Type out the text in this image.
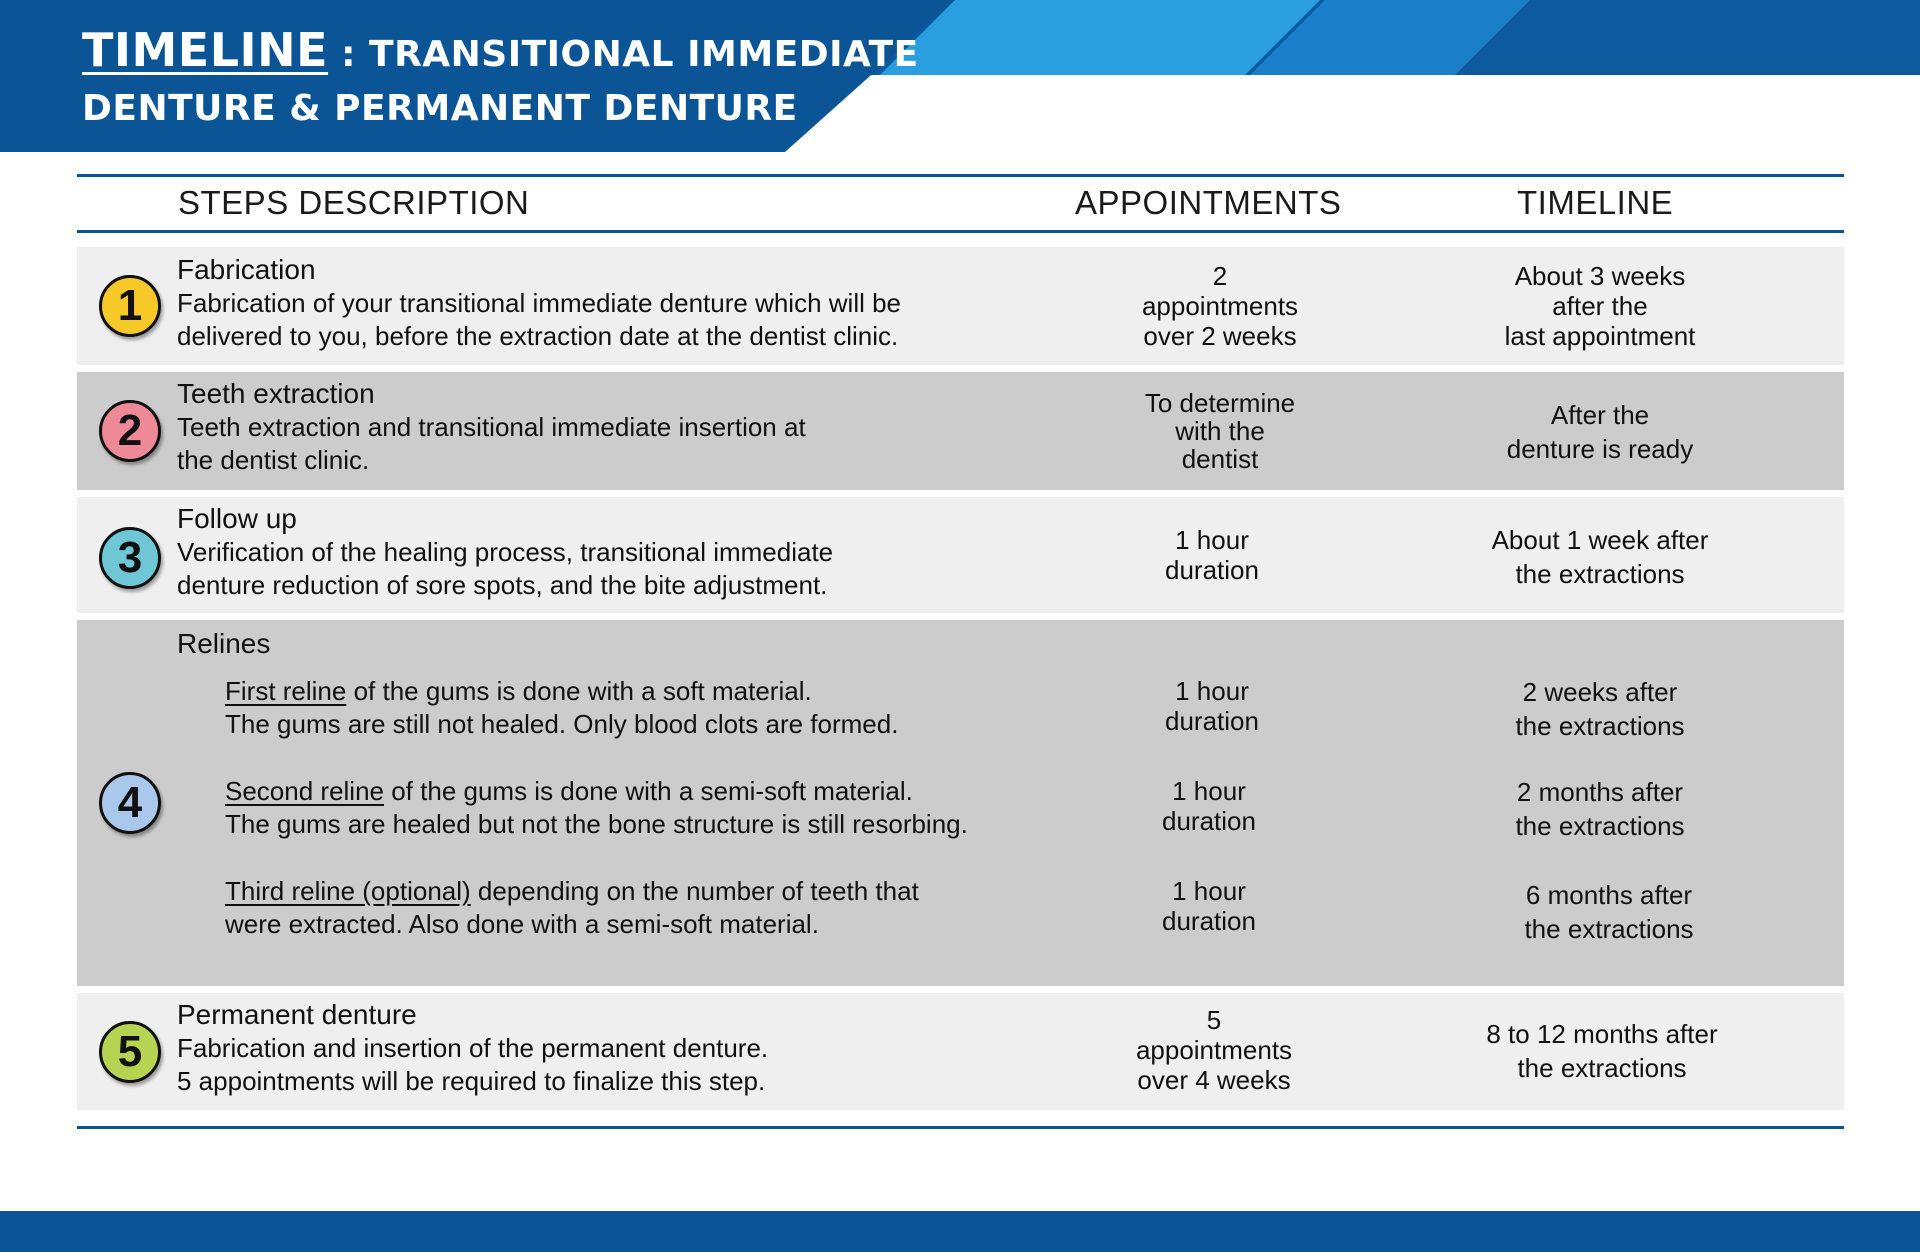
TIMELINE : TRANSITIONAL IMMEDIATE
DENTURE & PERMANENT DENTURE
STEPS DESCRIPTION	APPOINTMENTS	TIMELINE
1
Fabrication
Fabrication of your transitional immediate denture which will be
delivered to you, before the extraction date at the dentist clinic.
2
appointments
over 2 weeks
About 3 weeks
after the
last appointment
2
Teeth extraction
Teeth extraction and transitional immediate insertion at
the dentist clinic.
To determine
with the
dentist
After the
denture is ready
3
Follow up
Verification of the healing process, transitional immediate
denture reduction of sore spots, and the bite adjustment.
1 hour
duration
About 1 week after
the extractions
4
Relines
First reline of the gums is done with a soft material.
The gums are still not healed. Only blood clots are formed.
1 hour
duration
2 weeks after
the extractions
Second reline of the gums is done with a semi-soft material.
The gums are healed but not the bone structure is still resorbing.
1 hour
duration
2 months after
the extractions
Third reline (optional) depending on the number of teeth that
were extracted. Also done with a semi-soft material.
1 hour
duration
6 months after
the extractions
5
Permanent denture
Fabrication and insertion of the permanent denture.
5 appointments will be required to finalize this step.
5
appointments
over 4 weeks
8 to 12 months after
the extractions
